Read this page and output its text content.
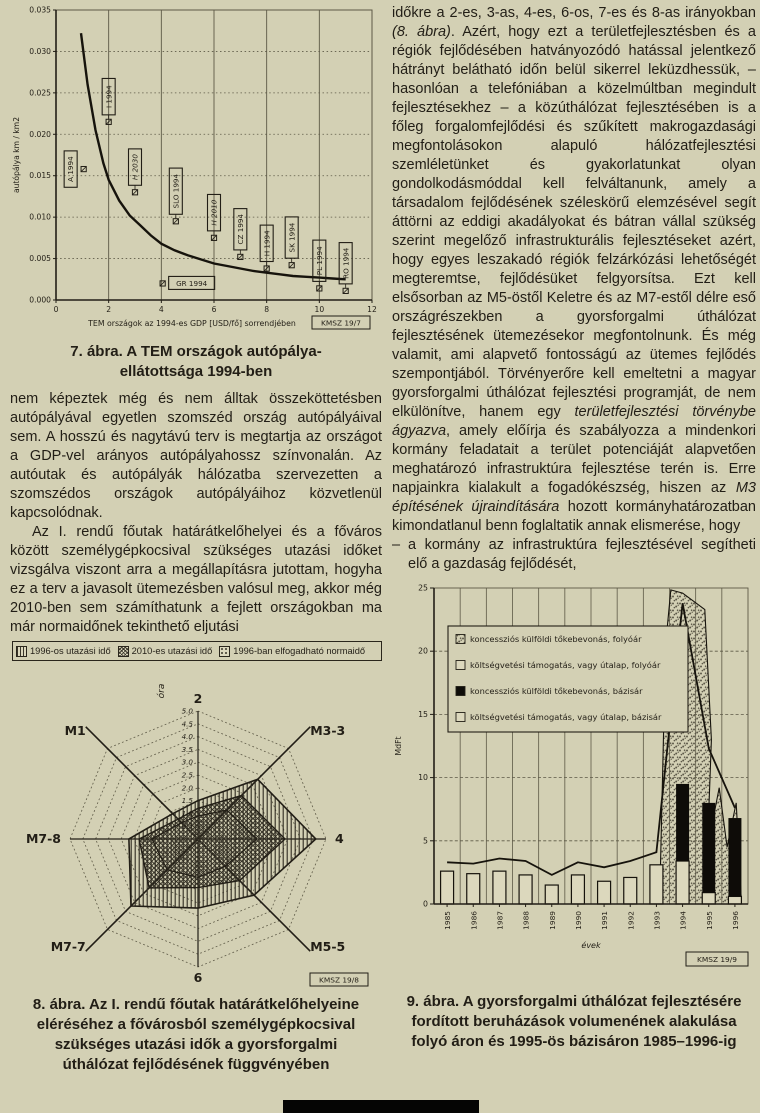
0.000
0.005
0.010
0.015
0.020
0.025
0.030
0.035
0	2	4	6	8	10	12
autópálya km / km2
TEM országok az 1994-es GDP [USD/fő] sorrendjében	KMSZ 19/7
A 1994
I 1994
H 2030
GR 1994
SLO 1994
H 2010
CZ 1994 H 1994 SK 1994
PL 1994 RO 1994
7. ábra. A TEM országok autópálya-ellátottsága 1994-ben

nem képeztek még és nem álltak összeköttetésben autópályával egyetlen szomszéd ország autópályáival sem. A hosszú és nagytávú terv is megtartja az országot a GDP-vel arányos autópályahossz színvonalán. Az autóutak és autópályák hálózatba szervezetten a szomszédos országok autópályáihoz közvetlenül kapcsolódnak.

Az I. rendű főutak határátkelőhelyei és a főváros között személygépkocsival szükséges utazási időket vizsgálva viszont arra a megállapításra jutottam, hogyha ez a terv a javasolt ütemezésben valósul meg, akkor még 2010-ben sem számíthatunk a fejlett országokban ma már normaidőnek tekinthető eljutási

1996-os utazási idő 2010-es utazási idő 1996-ban elfogadható normaidő
0.5
1.0
1.5
2.0
2.5
3.0
3.5
4.0
4.5
5.0
2
M3-3
4
M5-5
6
M7-7
M7-8
M1
óra
KMSZ 19/8
8. ábra. Az I. rendű főutak határátkelőhelyeine eléréséhez a fővárosból személygépkocsival szükséges utazási idők a gyorsforgalmi úthálózat fejlődésének függvényében

időkre a 2-es, 3-as, 4-es, 6-os, 7-es és 8-as irányokban (8. ábra). Azért, hogy ezt a területfejlesztésben és a régiók fejlődésében hatványozódó hatással jelentkező hátrányt belátható időn belül sikerrel leküzdhessük, – hasonlóan a telefóniában a közelmúltban megindult fejlesztésekhez – a közúthálózat fejlesztésében is a főleg forgalomfejlődési és szűkített makrogazdasági megfontolásokon alapuló hálózatfejlesztési szemléletünket és gyakorlatunkat olyan gondolkodásmóddal kell felváltanunk, amely a társadalom fejlődésének széleskörű elemzésével segít áttörni az eddigi akadályokat és bátran vállal szükség szerint megelőző infrastrukturális fejlesztéseket azért, hogy egyes leszakadó régiók felzárkózási lehetőségét megteremtse, fejlődésüket felgyorsítsa. Ezt kell elsősorban az M5-östől Keletre és az M7-estől délre eső országrészekben a gyorsforgalmi úthálózat fejlesztésének ütemezésekor megfontolnunk. És még valamit, ami alapvető fontosságú az ütemes fejlődés szempontjából. Törvényerőre kell emeltetni a magyar gyorsforgalmi úthálózat fejlesztési programját, de nem elkülönítve, hanem egy területfejlesztési törvénybe ágyazva, amely előírja és szabályozza a mindenkori kormány feladatait a terület potenciáját alapvetően meghatározó infrastruktúra fejlesztése terén is. Erre napjainkra kialakult a fogadókészség, hiszen az M3 építésének újraindítására hozott kormányhatározatban kimondatlanul benn foglaltatik annak elismerése, hogy

– a kormány az infrastruktúra fejlesztésével segítheti elő a gazdaság fejlődését,
0
5
10
15
20
25
1985 1986 1987 1988 1989 1990 1991 1992 1993 1994 1995 1996
MdFt
évek
KMSZ 19/9
koncessziós külföldi tőkebevonás, folyóár
költségvetési támogatás, vagy útalap, folyóár
koncessziós külföldi tőkebevonás, bázisár
költségvetési támogatás, vagy útalap, bázisár
9. ábra. A gyorsforgalmi úthálózat fejlesztésére fordított beruházások volumenének alakulása folyó áron és 1995-ös bázisáron 1985–1996-ig
